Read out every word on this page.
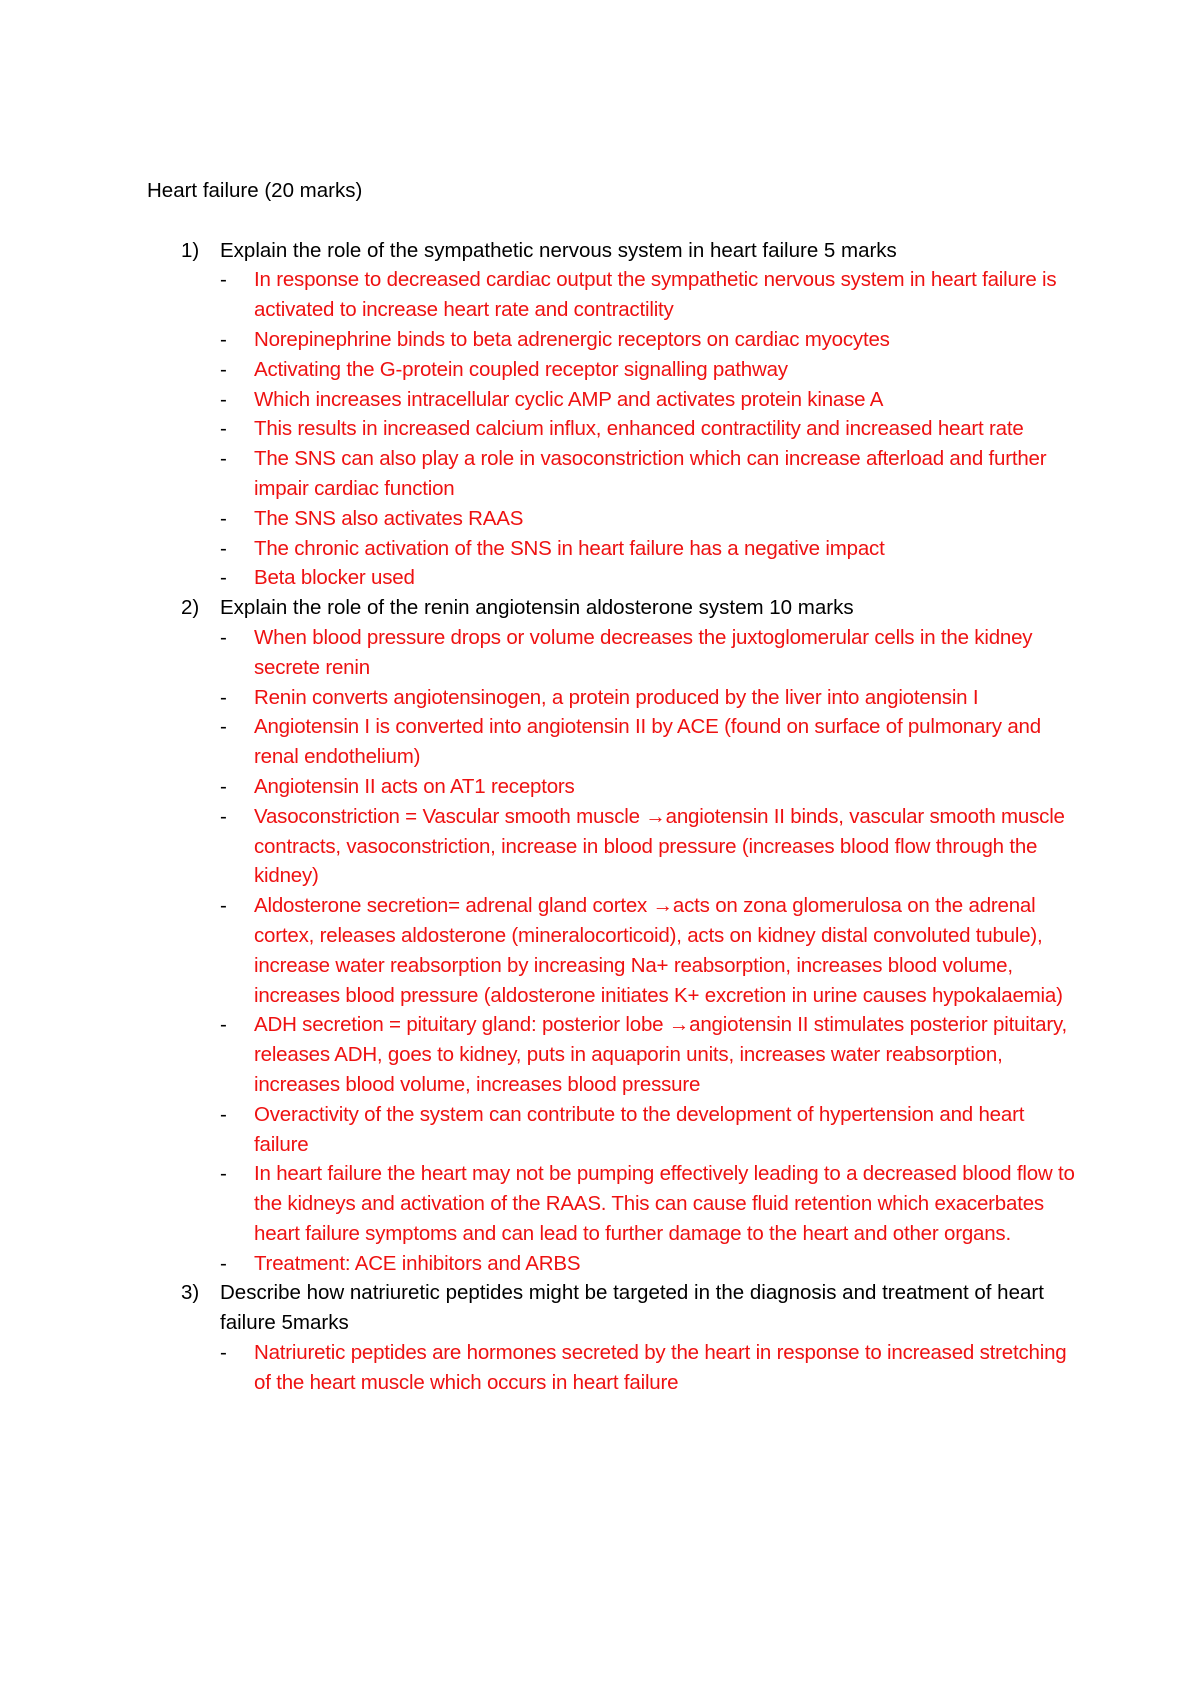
Heart failure (20 marks)

1) Explain the role of the sympathetic nervous system in heart failure 5 marks
- In response to decreased cardiac output the sympathetic nervous system in heart failure is activated to increase heart rate and contractility
- Norepinephrine binds to beta adrenergic receptors on cardiac myocytes
- Activating the G-protein coupled receptor signalling pathway
- Which increases intracellular cyclic AMP and activates protein kinase A
- This results in increased calcium influx, enhanced contractility and increased heart rate
- The SNS can also play a role in vasoconstriction which can increase afterload and further impair cardiac function
- The SNS also activates RAAS
- The chronic activation of the SNS in heart failure has a negative impact
- Beta blocker used
2) Explain the role of the renin angiotensin aldosterone system 10 marks
- When blood pressure drops or volume decreases the juxtoglomerular cells in the kidney secrete renin
- Renin converts angiotensinogen, a protein produced by the liver into angiotensin I
- Angiotensin I is converted into angiotensin II by ACE (found on surface of pulmonary and renal endothelium)
- Angiotensin II acts on AT1 receptors
- Vasoconstriction = Vascular smooth muscle →angiotensin II binds, vascular smooth muscle contracts, vasoconstriction, increase in blood pressure (increases blood flow through the kidney)
- Aldosterone secretion= adrenal gland cortex →acts on zona glomerulosa on the adrenal cortex, releases aldosterone (mineralocorticoid), acts on kidney distal convoluted tubule), increase water reabsorption by increasing Na+ reabsorption, increases blood volume, increases blood pressure (aldosterone initiates K+ excretion in urine causes hypokalaemia)
- ADH secretion = pituitary gland: posterior lobe →angiotensin II stimulates posterior pituitary, releases ADH, goes to kidney, puts in aquaporin units, increases water reabsorption, increases blood volume, increases blood pressure
- Overactivity of the system can contribute to the development of hypertension and heart failure
- In heart failure the heart may not be pumping effectively leading to a decreased blood flow to the kidneys and activation of the RAAS. This can cause fluid retention which exacerbates heart failure symptoms and can lead to further damage to the heart and other organs.
- Treatment: ACE inhibitors and ARBS
3) Describe how natriuretic peptides might be targeted in the diagnosis and treatment of heart failure 5marks
- Natriuretic peptides are hormones secreted by the heart in response to increased stretching of the heart muscle which occurs in heart failure
